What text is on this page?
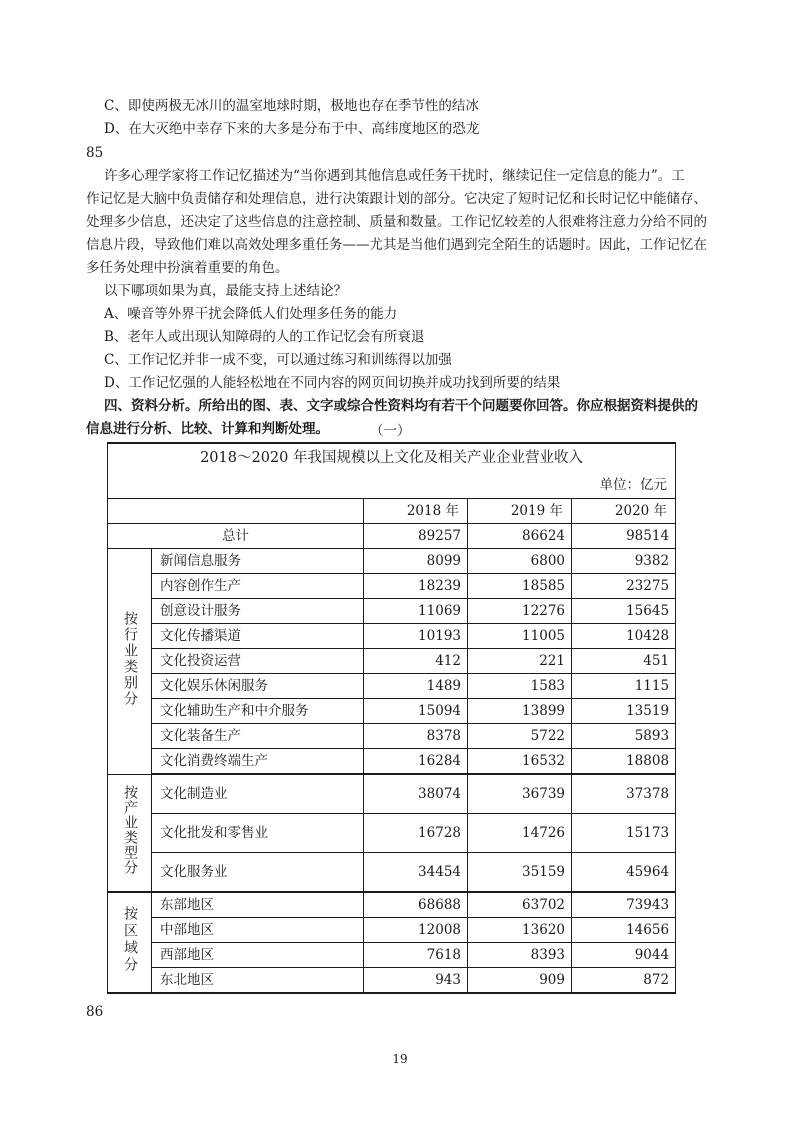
C、即使两极无冰川的温室地球时期，极地也存在季节性的结冰
D、在大灭绝中幸存下来的大多是分布于中、高纬度地区的恐龙
85
许多心理学家将工作记忆描述为“当你遇到其他信息或任务干扰时，继续记住一定信息的能力”。工
作记忆是大脑中负责储存和处理信息，进行决策跟计划的部分。它决定了短时记忆和长时记忆中能储存、
处理多少信息，还决定了这些信息的注意控制、质量和数量。工作记忆较差的人很难将注意力分给不同的
信息片段，导致他们难以高效处理多重任务——尤其是当他们遇到完全陌生的话题时。因此，工作记忆在
多任务处理中扮演着重要的角色。
以下哪项如果为真，最能支持上述结论？
A、噪音等外界干扰会降低人们处理多任务的能力
B、老年人或出现认知障碍的人的工作记忆会有所衰退
C、工作记忆并非一成不变，可以通过练习和训练得以加强
D、工作记忆强的人能轻松地在不同内容的网页间切换并成功找到所要的结果
四、资料分析。所给出的图、表、文字或综合性资料均有若干个问题要你回答。你应根据资料提供的
信息进行分析、比较、计算和判断处理。	（一）
2018～2020 年我国规模以上文化及相关产业企业营业收入				
单位：亿元				
		2018 年	2019 年	2020 年
总计		89257	86624	98514
按行业类别分	新闻信息服务	8099	6800	9382
	内容创作生产	18239	18585	23275
	创意设计服务	11069	12276	15645
	文化传播渠道	10193	11005	10428
	文化投资运营	412	221	451
	文化娱乐休闲服务	1489	1583	1115
	文化辅助生产和中介服务	15094	13899	13519
	文化装备生产	8378	5722	5893
	文化消费终端生产	16284	16532	18808
按产业类型分	文化制造业	38074	36739	37378
	文化批发和零售业	16728	14726	15173
	文化服务业	34454	35159	45964
按区域分	东部地区	68688	63702	73943
	中部地区	12008	13620	14656
	西部地区	7618	8393	9044
	东北地区	943	909	872
86
19
